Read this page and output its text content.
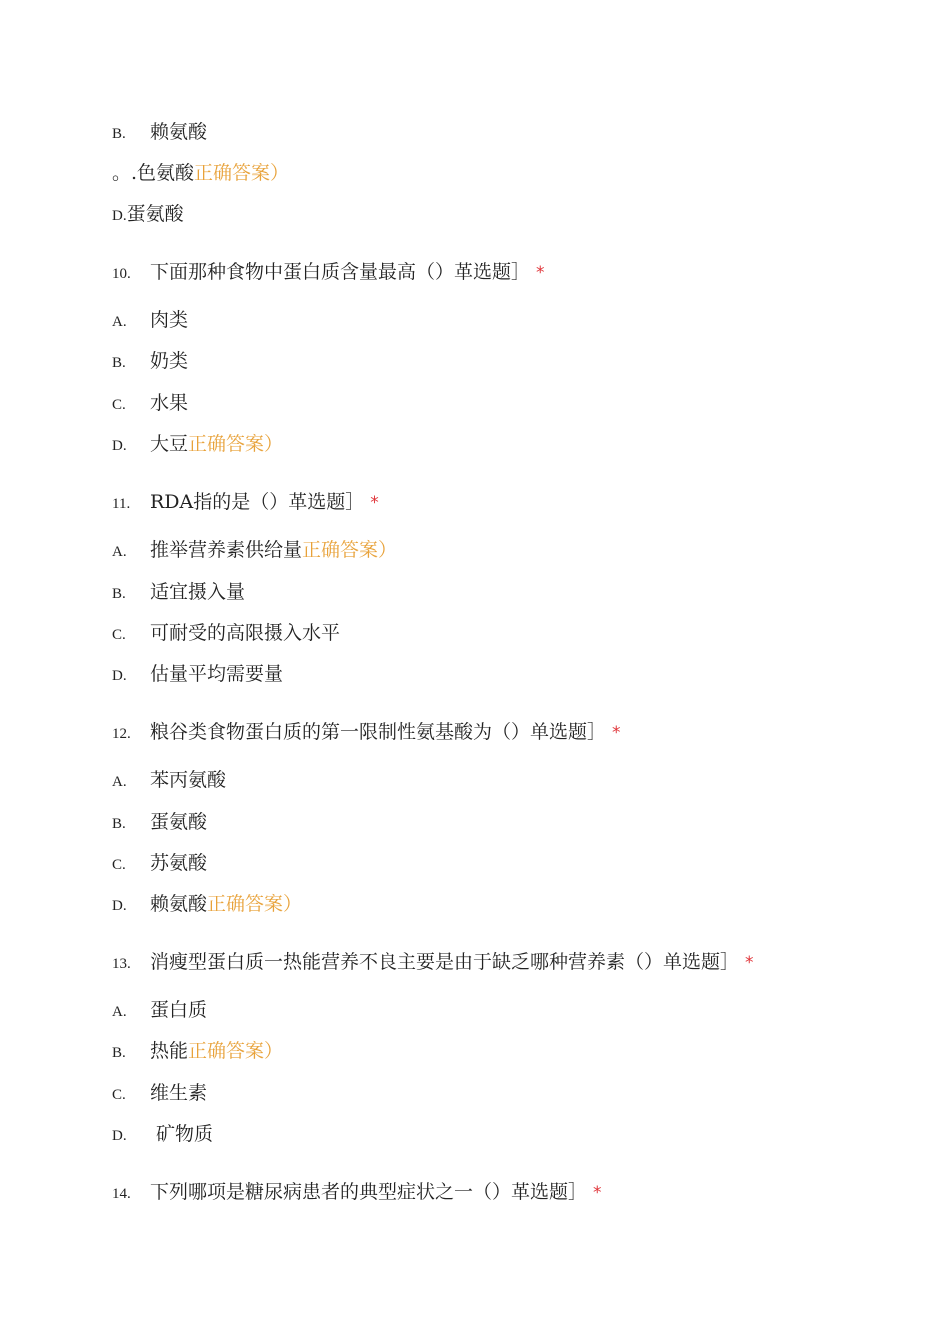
B. 赖氨酸
。.色氨酸正确答案）
D.蛋氨酸
10. 下面那种食物中蛋白质含量最高（）革选题］ *
A. 肉类
B. 奶类
C. 水果
D. 大豆正确答案）
11. RDA指的是（）革选题］ *
A. 推举营养素供给量正确答案）
B. 适宜摄入量
C. 可耐受的高限摄入水平
D. 估量平均需要量
12. 粮谷类食物蛋白质的第一限制性氨基酸为（）单选题］ *
A. 苯丙氨酸
B. 蛋氨酸
C. 苏氨酸
D. 赖氨酸正确答案）
13. 消瘦型蛋白质一热能营养不良主要是由于缺乏哪种营养素（）单选题］ *
A. 蛋白质
B. 热能正确答案）
C. 维生素
D. 矿物质
14. 下列哪项是糖尿病患者的典型症状之一（）革选题］ *
